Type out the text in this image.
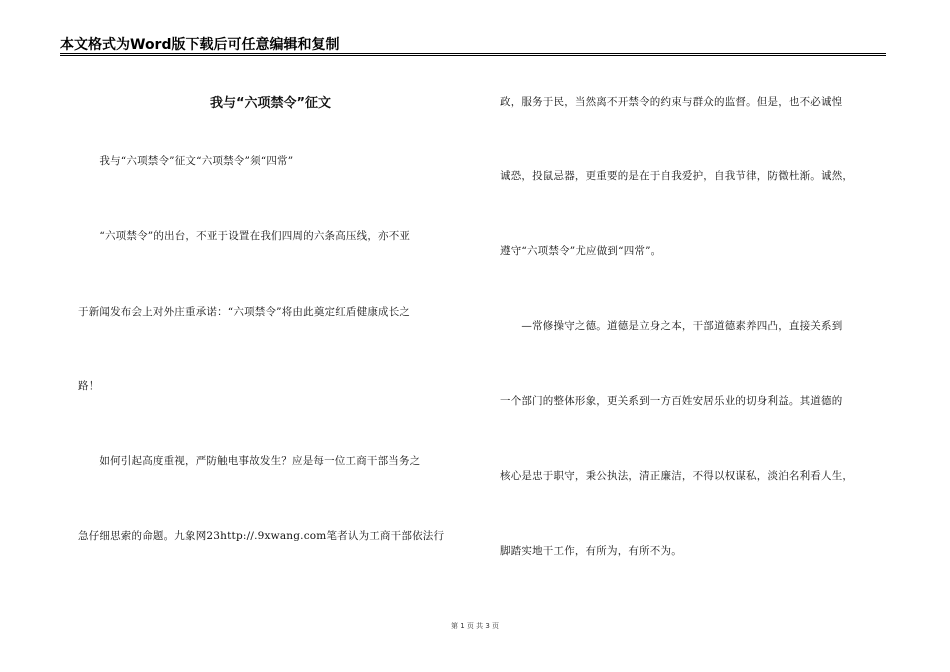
本文格式为Word版下载后可任意编辑和复制
我与“六项禁令”征文
　　我与“六项禁令”征文“六项禁令”须“四常”
　　“六项禁令”的出台，不亚于设置在我们四周的六条高压线，亦不亚
于新闻发布会上对外庄重承诺：“六项禁令”将由此奠定红盾健康成长之
路！
　　如何引起高度重视，严防触电事故发生？应是每一位工商干部当务之
急仔细思索的命题。九象网23http://.9xwang.com笔者认为工商干部依法行
政，服务于民，当然离不开禁令的约束与群众的监督。但是，也不必诚惶
诚恐，投鼠忌器，更重要的是在于自我爱护，自我节律，防微杜渐。诚然，
遵守“六项禁令”尤应做到“四常”。
　　—常修操守之德。道德是立身之本，干部道德素养四凸，直接关系到
一个部门的整体形象，更关系到一方百姓安居乐业的切身利益。其道德的
核心是忠于职守，秉公执法，清正廉洁，不得以权谋私，淡泊名利看人生，
脚踏实地干工作，有所为，有所不为。
第 1 页 共 3 页
